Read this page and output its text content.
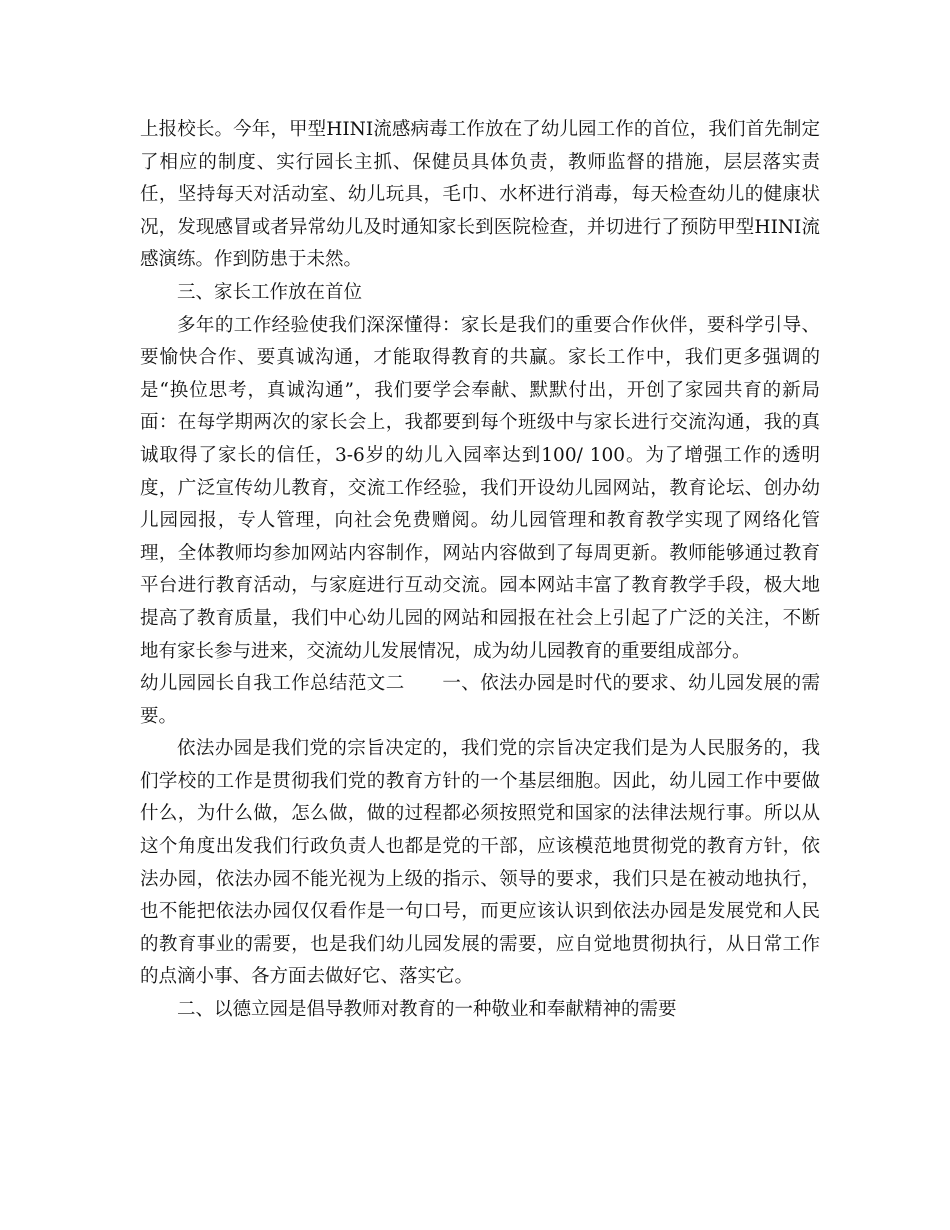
上报校长。今年，甲型HINI流感病毒工作放在了幼儿园工作的首位，我们首先制定了相应的制度、实行园长主抓、保健员具体负责，教师监督的措施，层层落实责任，坚持每天对活动室、幼儿玩具，毛巾、水杯进行消毒，每天检查幼儿的健康状况，发现感冒或者异常幼儿及时通知家长到医院检查，并切进行了预防甲型HINI流感演练。作到防患于未然。

三、家长工作放在首位

多年的工作经验使我们深深懂得：家长是我们的重要合作伙伴，要科学引导、要愉快合作、要真诚沟通，才能取得教育的共赢。家长工作中，我们更多强调的是“换位思考，真诚沟通”，我们要学会奉献、默默付出，开创了家园共育的新局面：在每学期两次的家长会上，我都要到每个班级中与家长进行交流沟通，我的真诚取得了家长的信任，3-6岁的幼儿入园率达到100/ 100。为了增强工作的透明度，广泛宣传幼儿教育，交流工作经验，我们开设幼儿园网站，教育论坛、创办幼儿园园报，专人管理，向社会免费赠阅。幼儿园管理和教育教学实现了网络化管理，全体教师均参加网站内容制作，网站内容做到了每周更新。教师能够通过教育平台进行教育活动，与家庭进行互动交流。园本网站丰富了教育教学手段，极大地提高了教育质量，我们中心幼儿园的网站和园报在社会上引起了广泛的关注，不断地有家长参与进来，交流幼儿发展情况，成为幼儿园教育的重要组成部分。

幼儿园园长自我工作总结范文二　　一、依法办园是时代的要求、幼儿园发展的需要。

依法办园是我们党的宗旨决定的，我们党的宗旨决定我们是为人民服务的，我们学校的工作是贯彻我们党的教育方针的一个基层细胞。因此，幼儿园工作中要做什么，为什么做，怎么做，做的过程都必须按照党和国家的法律法规行事。所以从这个角度出发我们行政负责人也都是党的干部，应该模范地贯彻党的教育方针，依法办园，依法办园不能光视为上级的指示、领导的要求，我们只是在被动地执行，也不能把依法办园仅仅看作是一句口号，而更应该认识到依法办园是发展党和人民的教育事业的需要，也是我们幼儿园发展的需要，应自觉地贯彻执行，从日常工作的点滴小事、各方面去做好它、落实它。

二、以德立园是倡导教师对教育的一种敬业和奉献精神的需要
